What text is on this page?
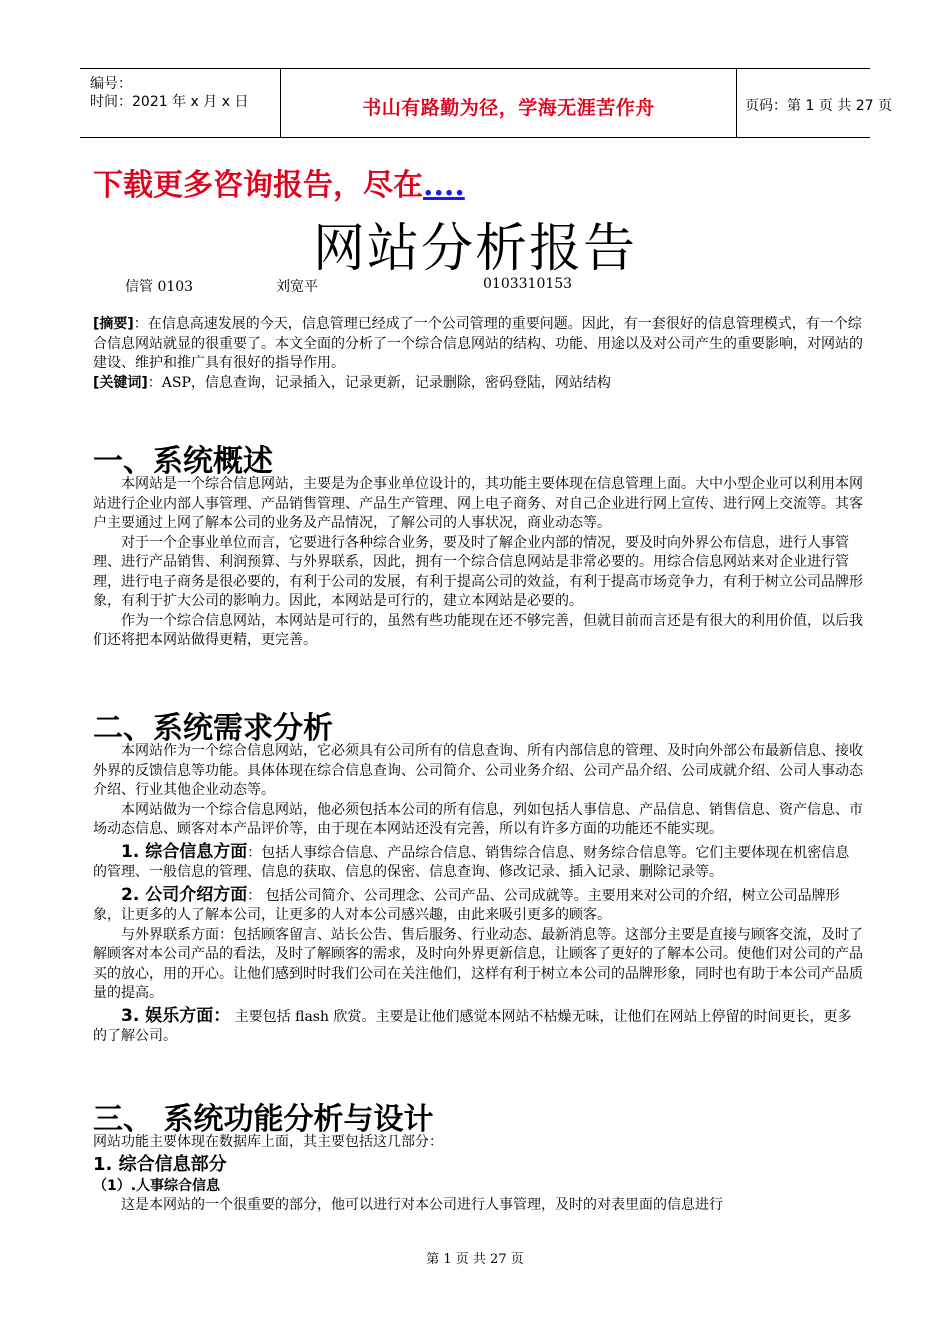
编号：
时间：2021 年 x 月 x 日	书山有路勤为径，学海无涯苦作舟	页码：第 1 页 共 27 页
下载更多咨询报告，尽在....
网站分析报告
信管 0103	刘宽平	0103310153

[摘要]：在信息高速发展的今天，信息管理已经成了一个公司管理的重要问题。因此，有一套很好的信息管理模式，有一个综合信息网站就显的很重要了。本文全面的分析了一个综合信息网站的结构、功能、用途以及对公司产生的重要影响，对网站的建设、维护和推广具有很好的指导作用。

[关键词]：ASP，信息查询，记录插入，记录更新，记录删除，密码登陆，网站结构

一、系统概述

本网站是一个综合信息网站，主要是为企事业单位设计的，其功能主要体现在信息管理上面。大中小型企业可以利用本网站进行企业内部人事管理、产品销售管理、产品生产管理、网上电子商务、对自己企业进行网上宣传、进行网上交流等。其客户主要通过上网了解本公司的业务及产品情况，了解公司的人事状况，商业动态等。

对于一个企事业单位而言，它要进行各种综合业务，要及时了解企业内部的情况，要及时向外界公布信息，进行人事管理、进行产品销售、利润预算、与外界联系，因此，拥有一个综合信息网站是非常必要的。用综合信息网站来对企业进行管理，进行电子商务是很必要的，有利于公司的发展，有利于提高公司的效益，有利于提高市场竞争力，有利于树立公司品牌形象，有利于扩大公司的影响力。因此，本网站是可行的，建立本网站是必要的。

作为一个综合信息网站，本网站是可行的，虽然有些功能现在还不够完善，但就目前而言还是有很大的利用价值，以后我们还将把本网站做得更精，更完善。

二、系统需求分析

本网站作为一个综合信息网站，它必须具有公司所有的信息查询、所有内部信息的管理、及时向外部公布最新信息、接收外界的反馈信息等功能。具体体现在综合信息查询、公司简介、公司业务介绍、公司产品介绍、公司成就介绍、公司人事动态介绍、行业其他企业动态等。

本网站做为一个综合信息网站，他必须包括本公司的所有信息，列如包括人事信息、产品信息、销售信息、资产信息、市场动态信息、顾客对本产品评价等，由于现在本网站还没有完善，所以有许多方面的功能还不能实现。

1. 综合信息方面：包括人事综合信息、产品综合信息、销售综合信息、财务综合信息等。它们主要体现在机密信息的管理、一般信息的管理、信息的获取、信息的保密、信息查询、修改记录、插入记录、删除记录等。

2. 公司介绍方面： 包括公司简介、公司理念、公司产品、公司成就等。主要用来对公司的介绍，树立公司品牌形象，让更多的人了解本公司，让更多的人对本公司感兴趣，由此来吸引更多的顾客。

与外界联系方面：包括顾客留言、站长公告、售后服务、行业动态、最新消息等。这部分主要是直接与顾客交流，及时了解顾客对本公司产品的看法，及时了解顾客的需求，及时向外界更新信息，让顾客了更好的了解本公司。使他们对公司的产品买的放心，用的开心。让他们感到时时我们公司在关注他们，这样有利于树立本公司的品牌形象，同时也有助于本公司产品质量的提高。

3. 娱乐方面： 主要包括 flash 欣赏。主要是让他们感觉本网站不枯燥无味，让他们在网站上停留的时间更长，更多的了解公司。

三、 系统功能分析与设计

网站功能主要体现在数据库上面，其主要包括这几部分：

1. 综合信息部分

（1）.人事综合信息

这是本网站的一个很重要的部分，他可以进行对本公司进行人事管理，及时的对表里面的信息进行

第 1 页 共 27 页
